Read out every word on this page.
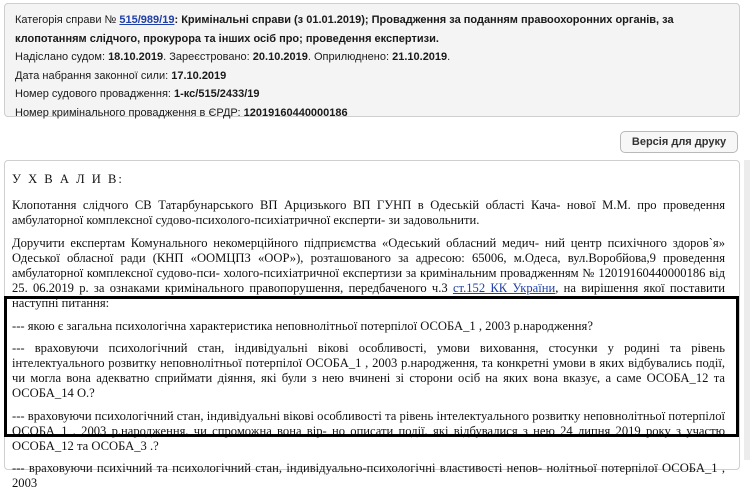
Категорія справи № 515/989/19: Кримінальні справи (з 01.01.2019); Провадження за поданням правоохоронних органів, за клопотанням слідчого, прокурора та інших осіб про; проведення експертизи.
Надіслано судом: 18.10.2019. Зареєстровано: 20.10.2019. Оприлюднено: 21.10.2019.
Дата набрання законної сили: 17.10.2019
Номер судового провадження: 1-кс/515/2433/19
Номер кримінального провадження в ЄРДР: 12019160440000186
Версія для друку

У Х В А Л И В:

Клопотання слідчого СВ Татарбунарського ВП Арцизького ВП ГУНП в Одеській області Кача- нової М.М. про проведення амбулаторної комплексної судово-психолого-психіатричної експерти- зи задовольнити.

Доручити експертам Комунального некомерційного підприємства «Одеський обласний медич- ний центр психічного здоров`я» Одеської обласної ради (КНП «ООМЦПЗ «ООР»), розташованого за адресою: 65006, м.Одеса, вул.Воробйова,9 проведення амбулаторної комплексної судово-пси- холого-психіатричної експертизи за кримінальним провадженням № 12019160440000186 від 25. 06.2019 р. за ознаками кримінального правопорушення, передбаченого ч.3 ст.152 КК України, на вирішення якої поставити наступні питання:

--- якою є загальна психологічна характеристика неповнолітньої потерпілої ОСОБА_1 , 2003 р.народження?

--- враховуючи психологічний стан, індивідуальні вікові особливості, умови виховання, стосунки у родині та рівень інтелектуального розвитку неповнолітньої потерпілої ОСОБА_1 , 2003 р.народження, та конкретні умови в яких відбувались події, чи могла вона адекватно сприймати діяння, які були з нею вчинені зі сторони осіб на яких вона вказує, а саме ОСОБА_12 та ОСОБА_14 О.?

--- враховуючи психологічний стан, індивідуальні вікові особливості та рівень інтелектуального розвитку неповнолітньої потерпілої ОСОБА_1 , 2003 р.народження, чи спроможна вона вір- но описати події, які відбувалися з нею 24 липня 2019 року з участю ОСОБА_12 та ОСОБА_3 .?

--- враховуючи психічний та психологічний стан, індивідуально-психологічні властивості непов- нолітньої потерпілої ОСОБА_1 , 2003
